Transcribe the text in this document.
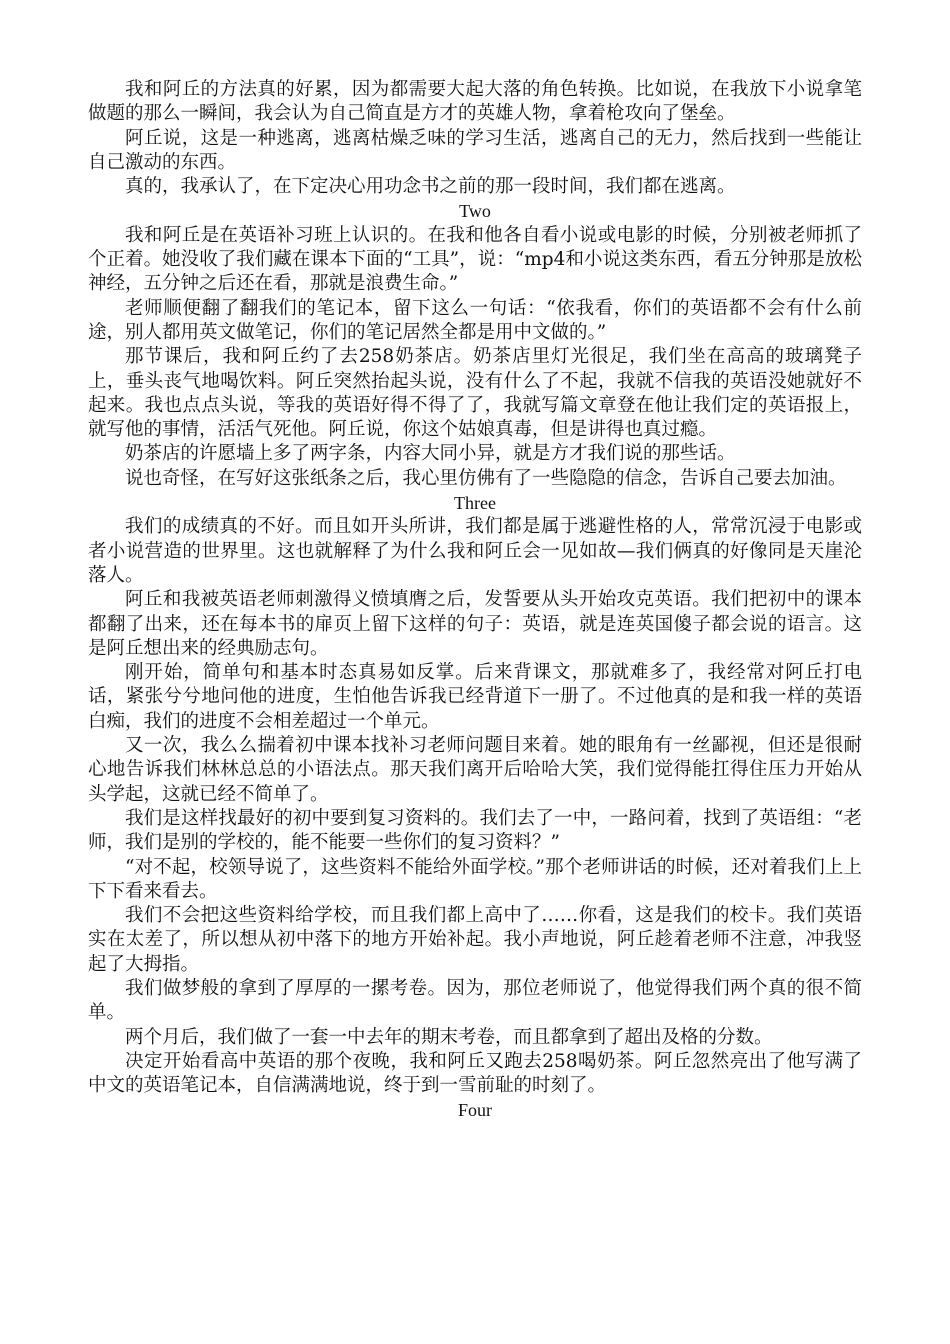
我和阿丘的方法真的好累，因为都需要大起大落的角色转换。比如说，在我放下小说拿笔做题的那么一瞬间，我会认为自己简直是方才的英雄人物，拿着枪攻向了堡垒。

阿丘说，这是一种逃离，逃离枯燥乏味的学习生活，逃离自己的无力，然后找到一些能让自己激动的东西。

真的，我承认了，在下定决心用功念书之前的那一段时间，我们都在逃离。

Two

我和阿丘是在英语补习班上认识的。在我和他各自看小说或电影的时候，分别被老师抓了个正着。她没收了我们藏在课本下面的“工具”，说：“mp4和小说这类东西，看五分钟那是放松神经，五分钟之后还在看，那就是浪费生命。”

老师顺便翻了翻我们的笔记本，留下这么一句话：“依我看，你们的英语都不会有什么前途，别人都用英文做笔记，你们的笔记居然全都是用中文做的。”

那节课后，我和阿丘约了去258奶茶店。奶茶店里灯光很足，我们坐在高高的玻璃凳子上，垂头丧气地喝饮料。阿丘突然抬起头说，没有什么了不起，我就不信我的英语没她就好不起来。我也点点头说，等我的英语好得不得了了，我就写篇文章登在他让我们定的英语报上，就写他的事情，活活气死他。阿丘说，你这个姑娘真毒，但是讲得也真过瘾。

奶茶店的许愿墙上多了两字条，内容大同小异，就是方才我们说的那些话。

说也奇怪，在写好这张纸条之后，我心里仿佛有了一些隐隐的信念，告诉自己要去加油。

Three

我们的成绩真的不好。而且如开头所讲，我们都是属于逃避性格的人，常常沉浸于电影或者小说营造的世界里。这也就解释了为什么我和阿丘会一见如故—我们俩真的好像同是天崖沦落人。

阿丘和我被英语老师刺激得义愤填膺之后，发誓要从头开始攻克英语。我们把初中的课本都翻了出来，还在每本书的扉页上留下这样的句子：英语，就是连英国傻子都会说的语言。这是阿丘想出来的经典励志句。

刚开始，简单句和基本时态真易如反掌。后来背课文，那就难多了，我经常对阿丘打电话，紧张兮兮地问他的进度，生怕他告诉我已经背道下一册了。不过他真的是和我一样的英语白痴，我们的进度不会相差超过一个单元。

又一次，我么么揣着初中课本找补习老师问题目来着。她的眼角有一丝鄙视，但还是很耐心地告诉我们林林总总的小语法点。那天我们离开后哈哈大笑，我们觉得能扛得住压力开始从头学起，这就已经不简单了。

我们是这样找最好的初中要到复习资料的。我们去了一中，一路问着，找到了英语组：“老师，我们是别的学校的，能不能要一些你们的复习资料？”

“对不起，校领导说了，这些资料不能给外面学校。”那个老师讲话的时候，还对着我们上上下下看来看去。

我们不会把这些资料给学校，而且我们都上高中了……你看，这是我们的校卡。我们英语实在太差了，所以想从初中落下的地方开始补起。我小声地说，阿丘趁着老师不注意，冲我竖起了大拇指。

我们做梦般的拿到了厚厚的一摞考卷。因为，那位老师说了，他觉得我们两个真的很不简单。

两个月后，我们做了一套一中去年的期末考卷，而且都拿到了超出及格的分数。

决定开始看高中英语的那个夜晚，我和阿丘又跑去258喝奶茶。阿丘忽然亮出了他写满了中文的英语笔记本，自信满满地说，终于到一雪前耻的时刻了。

Four
